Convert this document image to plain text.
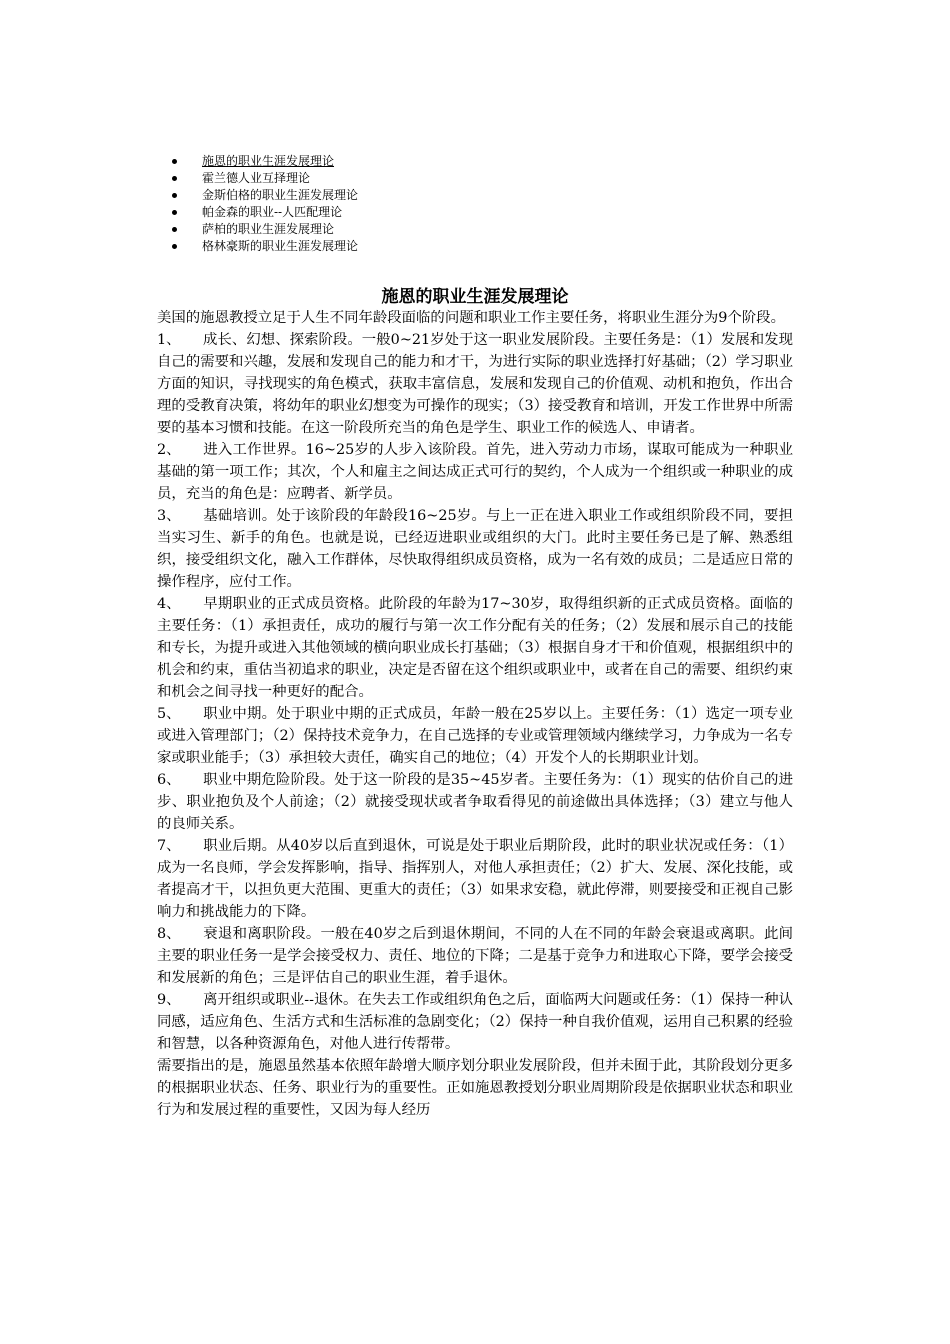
施恩的职业生涯发展理论
霍兰德人业互择理论
金斯伯格的职业生涯发展理论
帕金森的职业--人匹配理论
萨柏的职业生涯发展理论
格林豪斯的职业生涯发展理论
施恩的职业生涯发展理论

美国的施恩教授立足于人生不同年龄段面临的问题和职业工作主要任务，将职业生涯分为9个阶段。

1、 成长、幻想、探索阶段。一般0~21岁处于这一职业发展阶段。主要任务是：（1）发展和发现自己的需要和兴趣，发展和发现自己的能力和才干，为进行实际的职业选择打好基础；（2）学习职业方面的知识，寻找现实的角色模式，获取丰富信息，发展和发现自己的价值观、动机和抱负，作出合理的受教育决策，将幼年的职业幻想变为可操作的现实；（3）接受教育和培训，开发工作世界中所需要的基本习惯和技能。在这一阶段所充当的角色是学生、职业工作的候选人、申请者。

2、 进入工作世界。16~25岁的人步入该阶段。首先，进入劳动力市场，谋取可能成为一种职业基础的第一项工作；其次，个人和雇主之间达成正式可行的契约，个人成为一个组织或一种职业的成员，充当的角色是：应聘者、新学员。

3、 基础培训。处于该阶段的年龄段16~25岁。与上一正在进入职业工作或组织阶段不同，要担当实习生、新手的角色。也就是说，已经迈进职业或组织的大门。此时主要任务已是了解、熟悉组织，接受组织文化，融入工作群体，尽快取得组织成员资格，成为一名有效的成员；二是适应日常的操作程序，应付工作。

4、 早期职业的正式成员资格。此阶段的年龄为17~30岁，取得组织新的正式成员资格。面临的主要任务：（1）承担责任，成功的履行与第一次工作分配有关的任务；（2）发展和展示自己的技能和专长，为提升或进入其他领域的横向职业成长打基础；（3）根据自身才干和价值观，根据组织中的机会和约束，重估当初追求的职业，决定是否留在这个组织或职业中，或者在自己的需要、组织约束和机会之间寻找一种更好的配合。

5、 职业中期。处于职业中期的正式成员，年龄一般在25岁以上。主要任务：（1）选定一项专业或进入管理部门；（2）保持技术竞争力，在自己选择的专业或管理领域内继续学习，力争成为一名专家或职业能手；（3）承担较大责任，确实自己的地位；（4）开发个人的长期职业计划。

6、 职业中期危险阶段。处于这一阶段的是35~45岁者。主要任务为：（1）现实的估价自己的进步、职业抱负及个人前途；（2）就接受现状或者争取看得见的前途做出具体选择；（3）建立与他人的良师关系。

7、 职业后期。从40岁以后直到退休，可说是处于职业后期阶段，此时的职业状况或任务：（1）成为一名良师，学会发挥影响，指导、指挥别人，对他人承担责任；（2）扩大、发展、深化技能，或者提高才干，以担负更大范围、更重大的责任；（3）如果求安稳，就此停滞，则要接受和正视自己影响力和挑战能力的下降。

8、 衰退和离职阶段。一般在40岁之后到退休期间，不同的人在不同的年龄会衰退或离职。此间主要的职业任务一是学会接受权力、责任、地位的下降；二是基于竞争力和进取心下降，要学会接受和发展新的角色；三是评估自己的职业生涯，着手退休。

9、 离开组织或职业--退休。在失去工作或组织角色之后，面临两大问题或任务：（1）保持一种认同感，适应角色、生活方式和生活标准的急剧变化；（2）保持一种自我价值观，运用自己积累的经验和智慧，以各种资源角色，对他人进行传帮带。

需要指出的是，施恩虽然基本依照年龄增大顺序划分职业发展阶段，但并未囿于此，其阶段划分更多的根据职业状态、任务、职业行为的重要性。正如施恩教授划分职业周期阶段是依据职业状态和职业行为和发展过程的重要性，又因为每人经历
